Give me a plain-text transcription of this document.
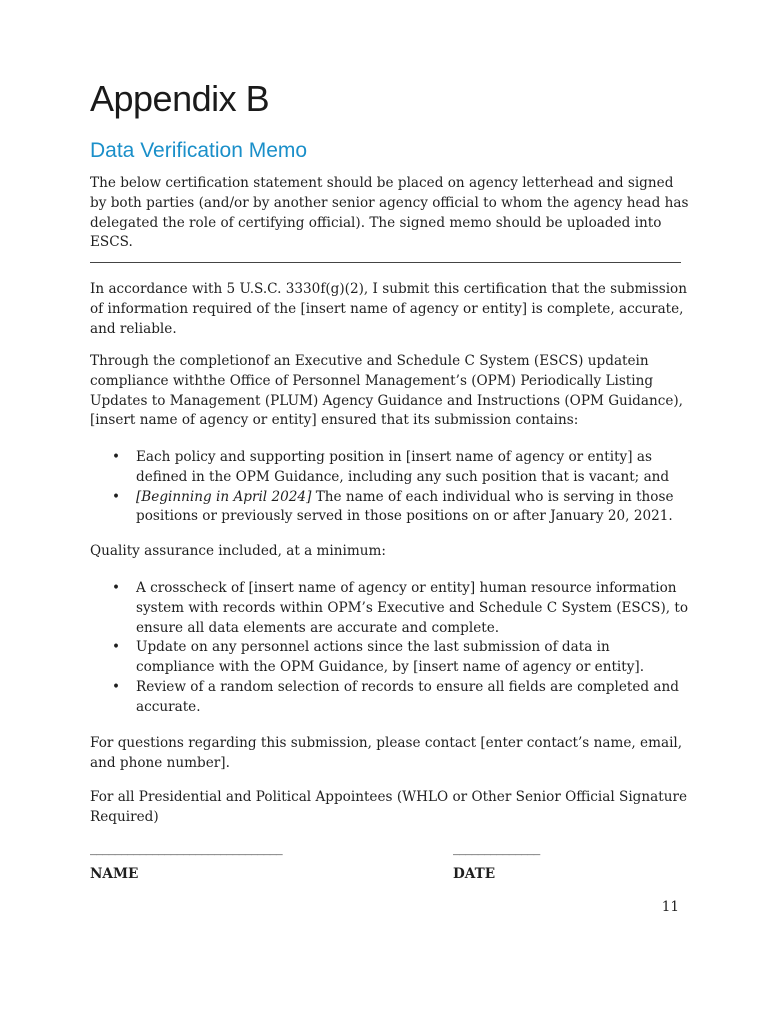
Appendix B
Data Verification Memo

The below certification statement should be placed on agency letterhead and signed by both parties (and/or by another senior agency official to whom the agency head has delegated the role of certifying official). The signed memo should be uploaded into ESCS.

In accordance with 5 U.S.C. 3330f(g)(2), I submit this certification that the submission of information required of the [insert name of agency or entity] is complete, accurate, and reliable.

Through the completionof an Executive and Schedule C System (ESCS) updatein compliance withthe Office of Personnel Management’s (OPM) Periodically Listing Updates to Management (PLUM) Agency Guidance and Instructions (OPM Guidance), [insert name of agency or entity] ensured that its submission contains:

• Each policy and supporting position in [insert name of agency or entity] as defined in the OPM Guidance, including any such position that is vacant; and
• [Beginning in April 2024] The name of each individual who is serving in those positions or previously served in those positions on or after January 20, 2021.

Quality assurance included, at a minimum:

• A crosscheck of [insert name of agency or entity] human resource information system with records within OPM’s Executive and Schedule C System (ESCS), to ensure all data elements are accurate and complete.
• Update on any personnel actions since the last submission of data in compliance with the OPM Guidance, by [insert name of agency or entity].
• Review of a random selection of records to ensure all fields are completed and accurate.

For questions regarding this submission, please contact [enter contact’s name, email, and phone number].

For all Presidential and Political Appointees (WHLO or Other Senior Official Signature Required)

_______________________________	______________
NAME	DATE
11
